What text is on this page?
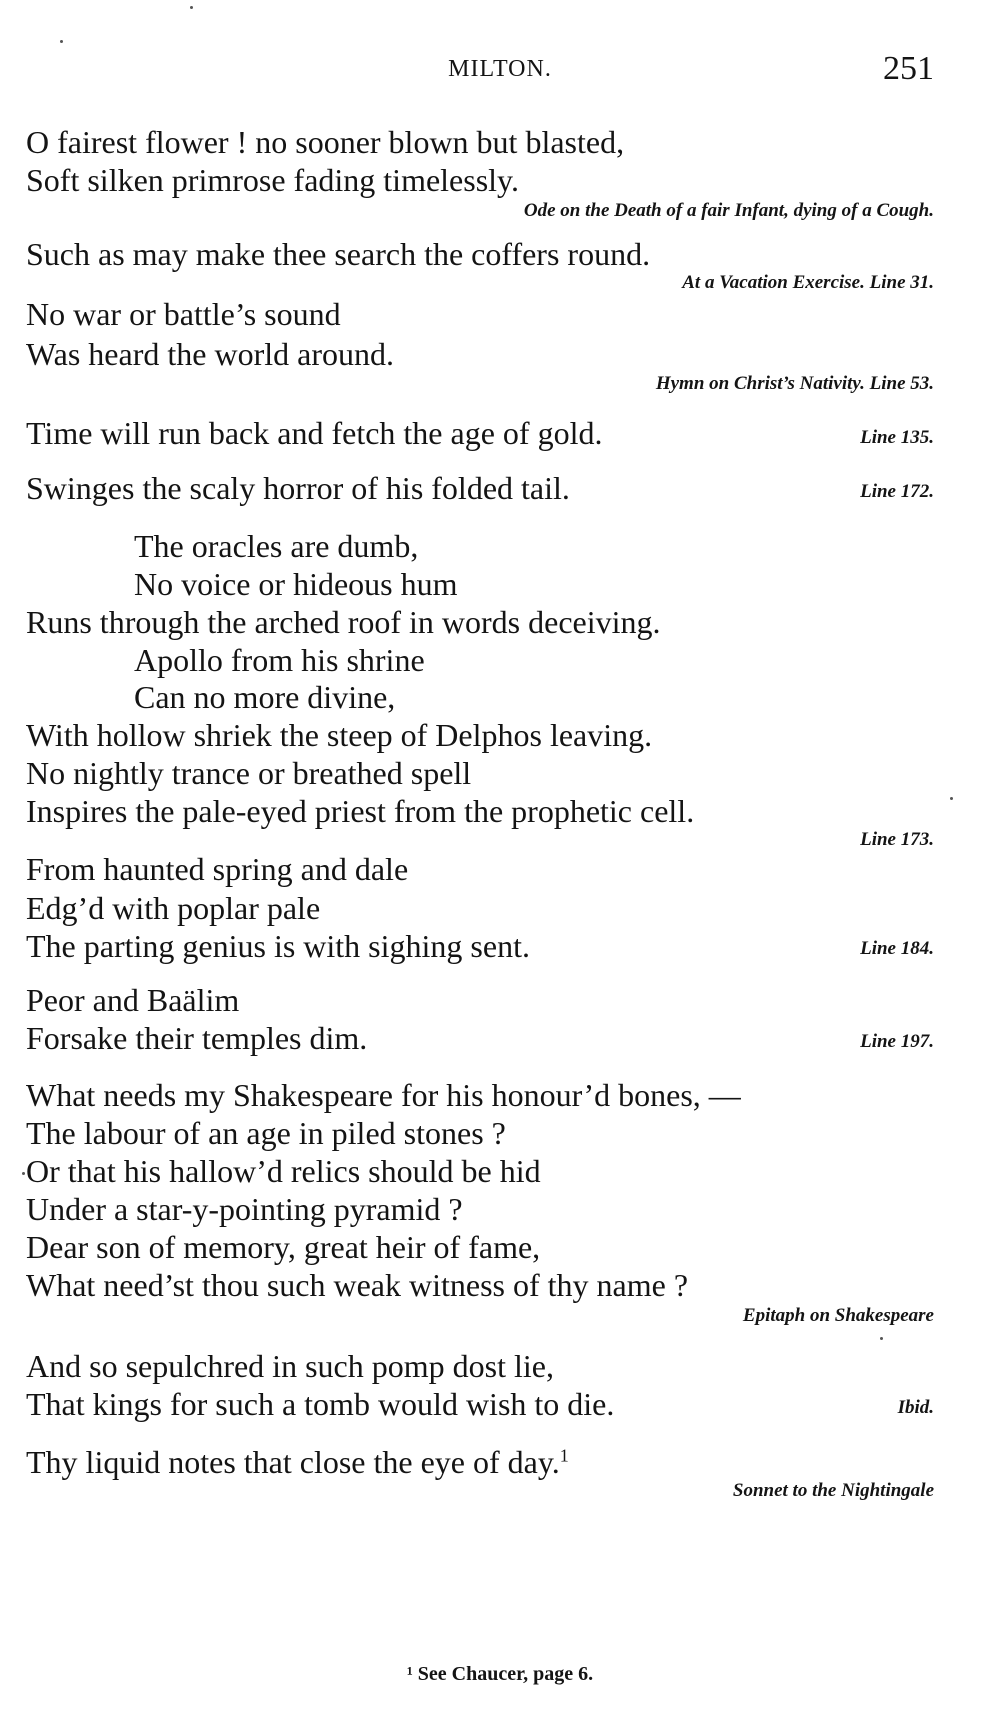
MILTON.	251
O fairest flower ! no sooner blown but blasted,
Soft silken primrose fading timelessly.
Ode on the Death of a fair Infant, dying of a Cough.
Such as may make thee search the coffers round.
At a Vacation Exercise. Line 31.
No war or battle’s sound
Was heard the world around.
Hymn on Christ’s Nativity. Line 53.
Time will run back and fetch the age of gold.	Line 135.
Swinges the scaly horror of his folded tail.	Line 172.
The oracles are dumb,
No voice or hideous hum
Runs through the arched roof in words deceiving.
Apollo from his shrine
Can no more divine,
With hollow shriek the steep of Delphos leaving.
No nightly trance or breathed spell
Inspires the pale-eyed priest from the prophetic cell.
Line 173.
From haunted spring and dale
Edg’d with poplar pale
The parting genius is with sighing sent.	Line 184.
Peor and Baälim
Forsake their temples dim.	Line 197.
What needs my Shakespeare for his honour’d bones, —
The labour of an age in piled stones ?
Or that his hallow’d relics should be hid
Under a star-y-pointing pyramid ?
Dear son of memory, great heir of fame,
What need’st thou such weak witness of thy name ?
Epitaph on Shakespeare
And so sepulchred in such pomp dost lie,
That kings for such a tomb would wish to die.	Ibid.
Thy liquid notes that close the eye of day.$^1$
Sonnet to the Nightingale
¹ See Chaucer, page 6.
